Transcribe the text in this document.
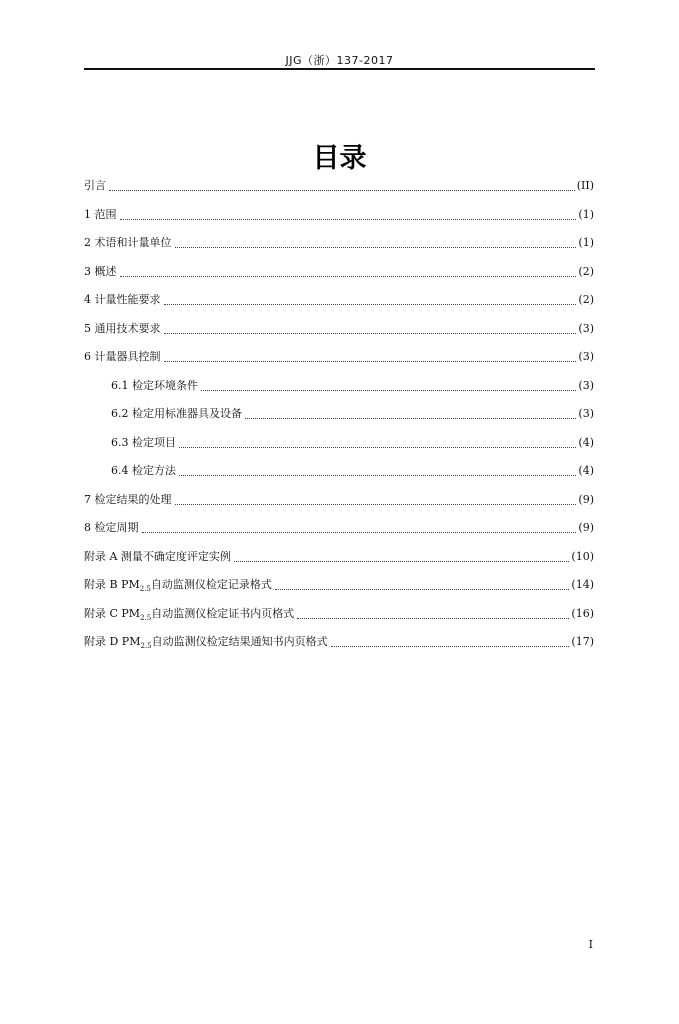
JJG（浙）137-2017
目录
引言	(II)
1 范围	(1)
2 术语和计量单位	(1)
3 概述	(2)
4 计量性能要求	(2)
5 通用技术要求	(3)
6 计量器具控制	(3)
6.1 检定环境条件	(3)
6.2 检定用标准器具及设备	(3)
6.3 检定项目	(4)
6.4 检定方法	(4)
7 检定结果的处理	(9)
8 检定周期	(9)
附录 A 测量不确定度评定实例	(10)
附录 B $PM_{2.5}$自动监测仪检定记录格式	(14)
附录 C $PM_{2.5}$自动监测仪检定证书内页格式	(16)
附录 D $PM_{2.5}$自动监测仪检定结果通知书内页格式	(17)
I
